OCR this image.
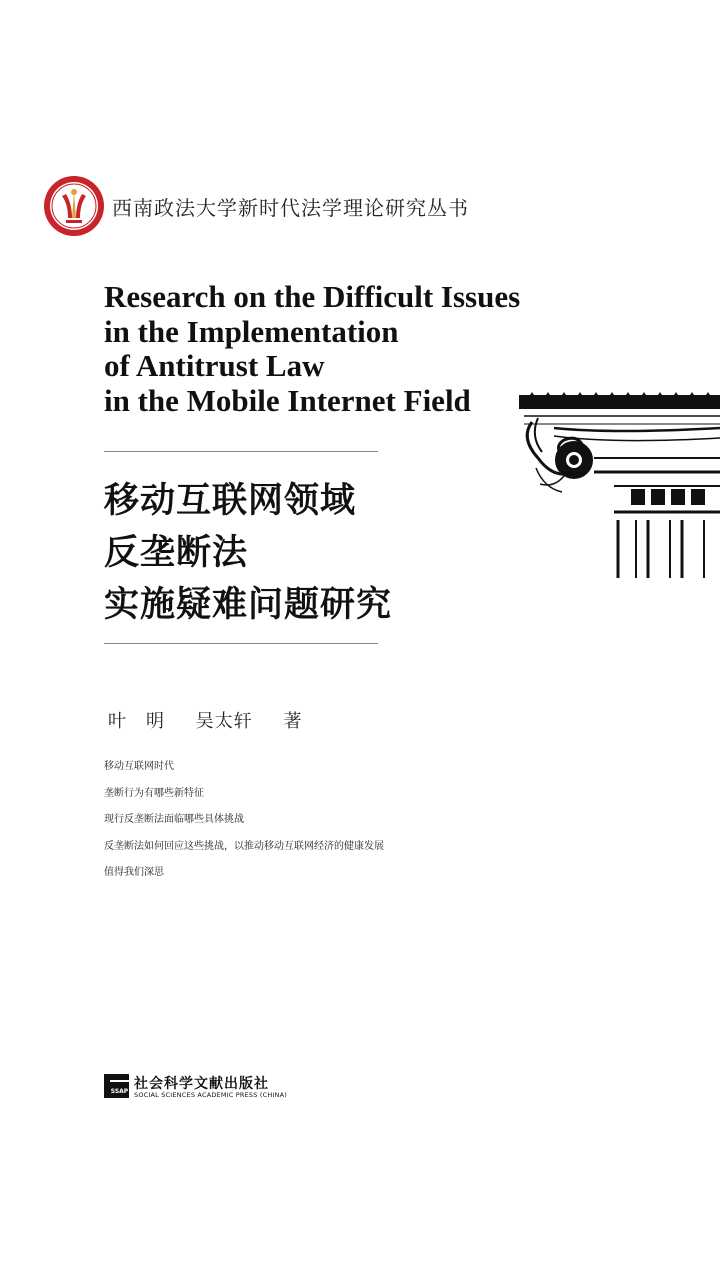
西南政法大学新时代法学理论研究丛书
Research on the Difficult Issues
in the Implementation
of Antitrust Law
in the Mobile Internet Field
移动互联网领域
反垄断法
实施疑难问题研究
叶　明 吴太轩 著
移动互联网时代
垄断行为有哪些新特征
现行反垄断法面临哪些具体挑战
反垄断法如何回应这些挑战，以推动移动互联网经济的健康发展
值得我们深思
SSAP 社会科学文献出版社
SOCIAL SCIENCES ACADEMIC PRESS (CHINA)
